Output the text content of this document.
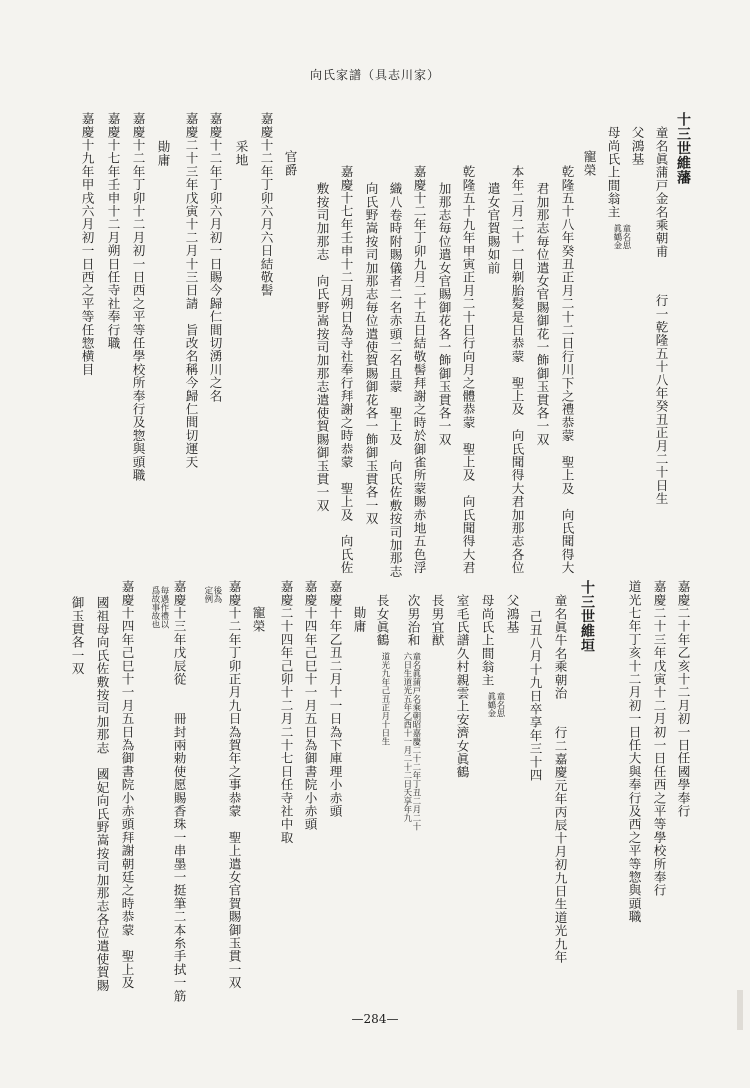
向氏家譜（具志川家）
十三世維藩
童名眞蒲戸金名乘朝甫行一乾隆五十八年癸丑正月二十日生
父鴻基
母尚氏上間翁主
童名思
眞鶴金
寵榮
乾隆五十八年癸丑正月二十二日行川下之禮恭蒙　聖上及　向氏聞得大
君加那志毎位遣女官賜御花一飾御玉貫各一双
本年二月二十一日剃胎髪是日恭蒙　聖上及　向氏聞得大君加那志各位
遣女官賀賜如前
乾隆五十九年甲寅正月二十日行向月之體恭蒙　聖上及　向氏聞得大君
加那志毎位遣女官賜御花各一飾御玉貫各一双
嘉慶十二年丁卯九月二十五日結敬髻拜謝之時於御雀所蒙賜赤地五色浮
織八卷時附賜儀者二名赤頭二名且蒙　聖上及　向氏佐敷按司加那志
向氏野嵩按司加那志毎位遣使賀賜御花各一飾御玉貫各一双
嘉慶十七年壬申十二月朔日為寺社奉行拜謝之時恭蒙　聖上及　向氏佐
敷按司加那志　向氏野嵩按司加那志遣使賀賜御玉貫一双
官爵
嘉慶十二年丁卯六月六日結敬髻
采地
嘉慶十二年丁卯六月初一日賜今歸仁間切湧川之名
嘉慶二十三年戊寅十二月十三日請　旨改名稱今歸仁間切運天
勛庸
嘉慶十二年丁卯十二月初一日西之平等任學校所奉行及惣與頭職
嘉慶十七年壬申十二月朔日任寺社奉行職
嘉慶十九年甲戌六月初一日西之平等任惣横目
嘉慶二十年乙亥十二月初一日任國學奉行
嘉慶二十三年戊寅十二月初一日任西之平等學校所奉行
道光七年丁亥十二月初一日任大與奉行及西之平等惣與頭職
十三世維垣
童名眞牛名乘朝治　　行二嘉慶元年丙辰十月初九日生道光九年
己丑八月十九日卒享年三十四
父鴻基
母尚氏上間翁主
童名思
眞鶴金
室毛氏譜久村親雲上安濟女眞鶴
長男宜猷
次男治和
童名眞蒲戸名乘朝昭嘉慶二十二年丁丑二月二十
六日生道光五年乙酉十一月二十二日夭享年九
長女眞鶴
道光九年己丑正月十日生
勛庸
嘉慶十年乙丑二月十一日為下庫理小赤頭
嘉慶十四年己巳十一月五日為御書院小赤頭
嘉慶二十四年己卯十二月二十七日任寺社中取
寵榮
嘉慶十二年丁卯正月九日為賀年之事恭蒙　聖上遣女官賀賜御玉貫一双
後為
定例
嘉慶十三年戊辰從　　冊封兩勅使愿賜香珠一串墨一挺筆二本糸手拭一筋
毎遇作禮以
爲故事故也
嘉慶十四年己巳十一月五日為御書院小赤頭拜謝朝廷之時恭蒙　聖上及
國祖母向氏佐敷按司加那志　國妃向氏野嵩按司加那志各位遣使賀賜
御玉貫各一双
—284—
